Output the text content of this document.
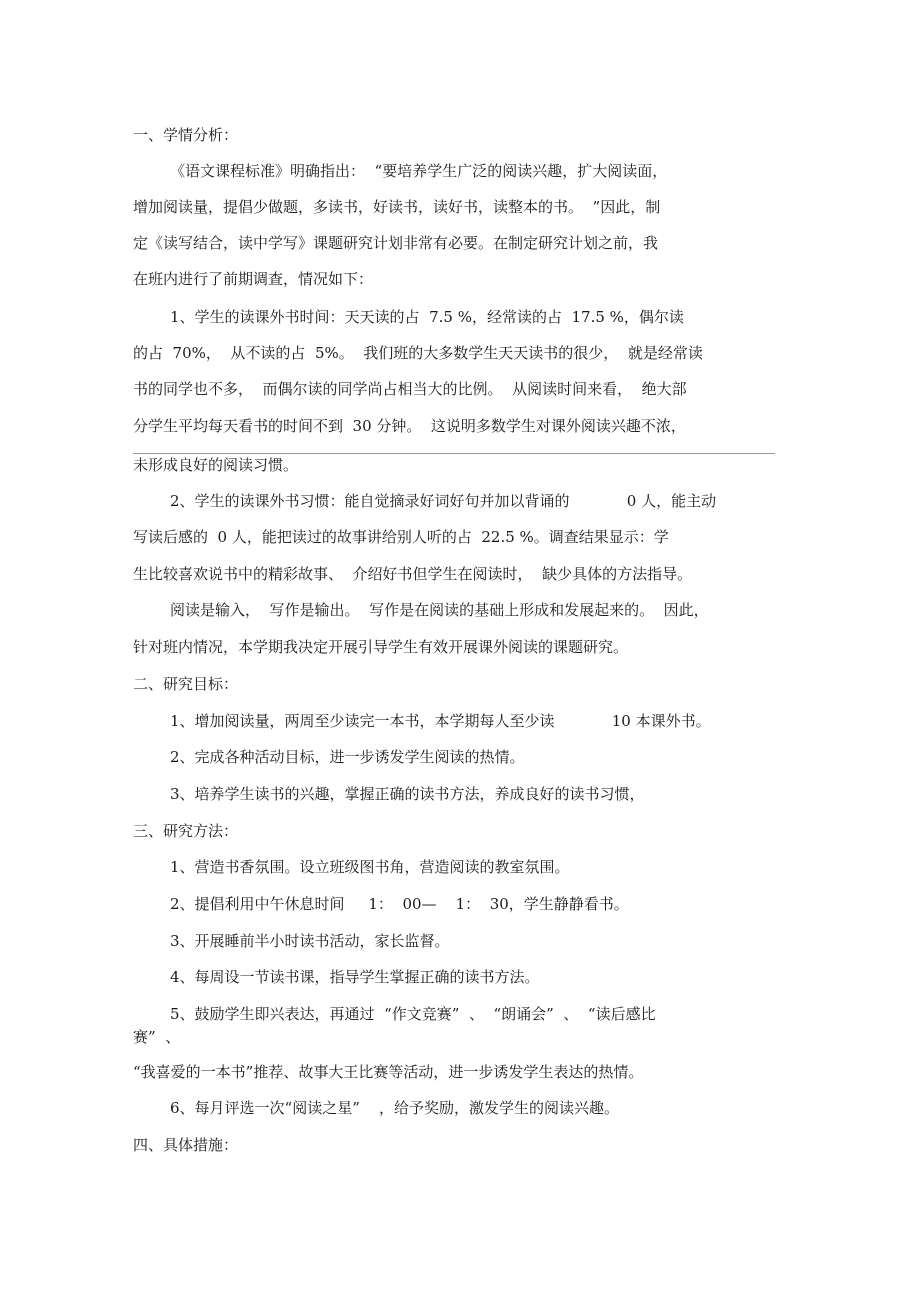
一、学情分析：
《语文课程标准》明确指出：  “要培养学生广泛的阅读兴趣，扩大阅读面，
增加阅读量，提倡少做题，多读书，好读书，读好书，读整本的书。  ”因此，制
定《读写结合，读中学写》课题研究计划非常有必要。在制定研究计划之前，我
在班内进行了前期调查，情况如下：
1、学生的读课外书时间：天天读的占  7.5 %，经常读的占  17.5 %，偶尔读
的占  70%，  从不读的占  5%。  我们班的大多数学生天天读书的很少，  就是经常读
书的同学也不多，  而偶尔读的同学尚占相当大的比例。  从阅读时间来看，  绝大部
分学生平均每天看书的时间不到  30 分钟。  这说明多数学生对课外阅读兴趣不浓，
未形成良好的阅读习惯。
2、学生的读课外书习惯：能自觉摘录好词好句并加以背诵的            0 人，能主动
写读后感的  0 人，能把读过的故事讲给别人听的占  22.5 %。调查结果显示：学
生比较喜欢说书中的精彩故事、  介绍好书但学生在阅读时，  缺少具体的方法指导。
阅读是输入，  写作是输出。  写作是在阅读的基础上形成和发展起来的。  因此，
针对班内情况，本学期我决定开展引导学生有效开展课外阅读的课题研究。
二、研究目标：
1、增加阅读量，两周至少读完一本书，本学期每人至少读            10 本课外书。
2、完成各种活动目标，进一步诱发学生阅读的热情。
3、培养学生读书的兴趣，掌握正确的读书方法，养成良好的读书习惯，
三、研究方法：
1、营造书香氛围。设立班级图书角，营造阅读的教室氛围。
2、提倡利用中午休息时间     1：  00—    1：  30，学生静静看书。
3、开展睡前半小时读书活动，家长监督。
4、每周设一节读书课，指导学生掌握正确的读书方法。
5、鼓励学生即兴表达，再通过  “作文竞赛”  、  “朗诵会”  、  “读后感比
赛”  、
“我喜爱的一本书”推荐、故事大王比赛等活动，进一步诱发学生表达的热情。
6、每月评选一次“阅读之星”    ，给予奖励，激发学生的阅读兴趣。
四、具体措施：
